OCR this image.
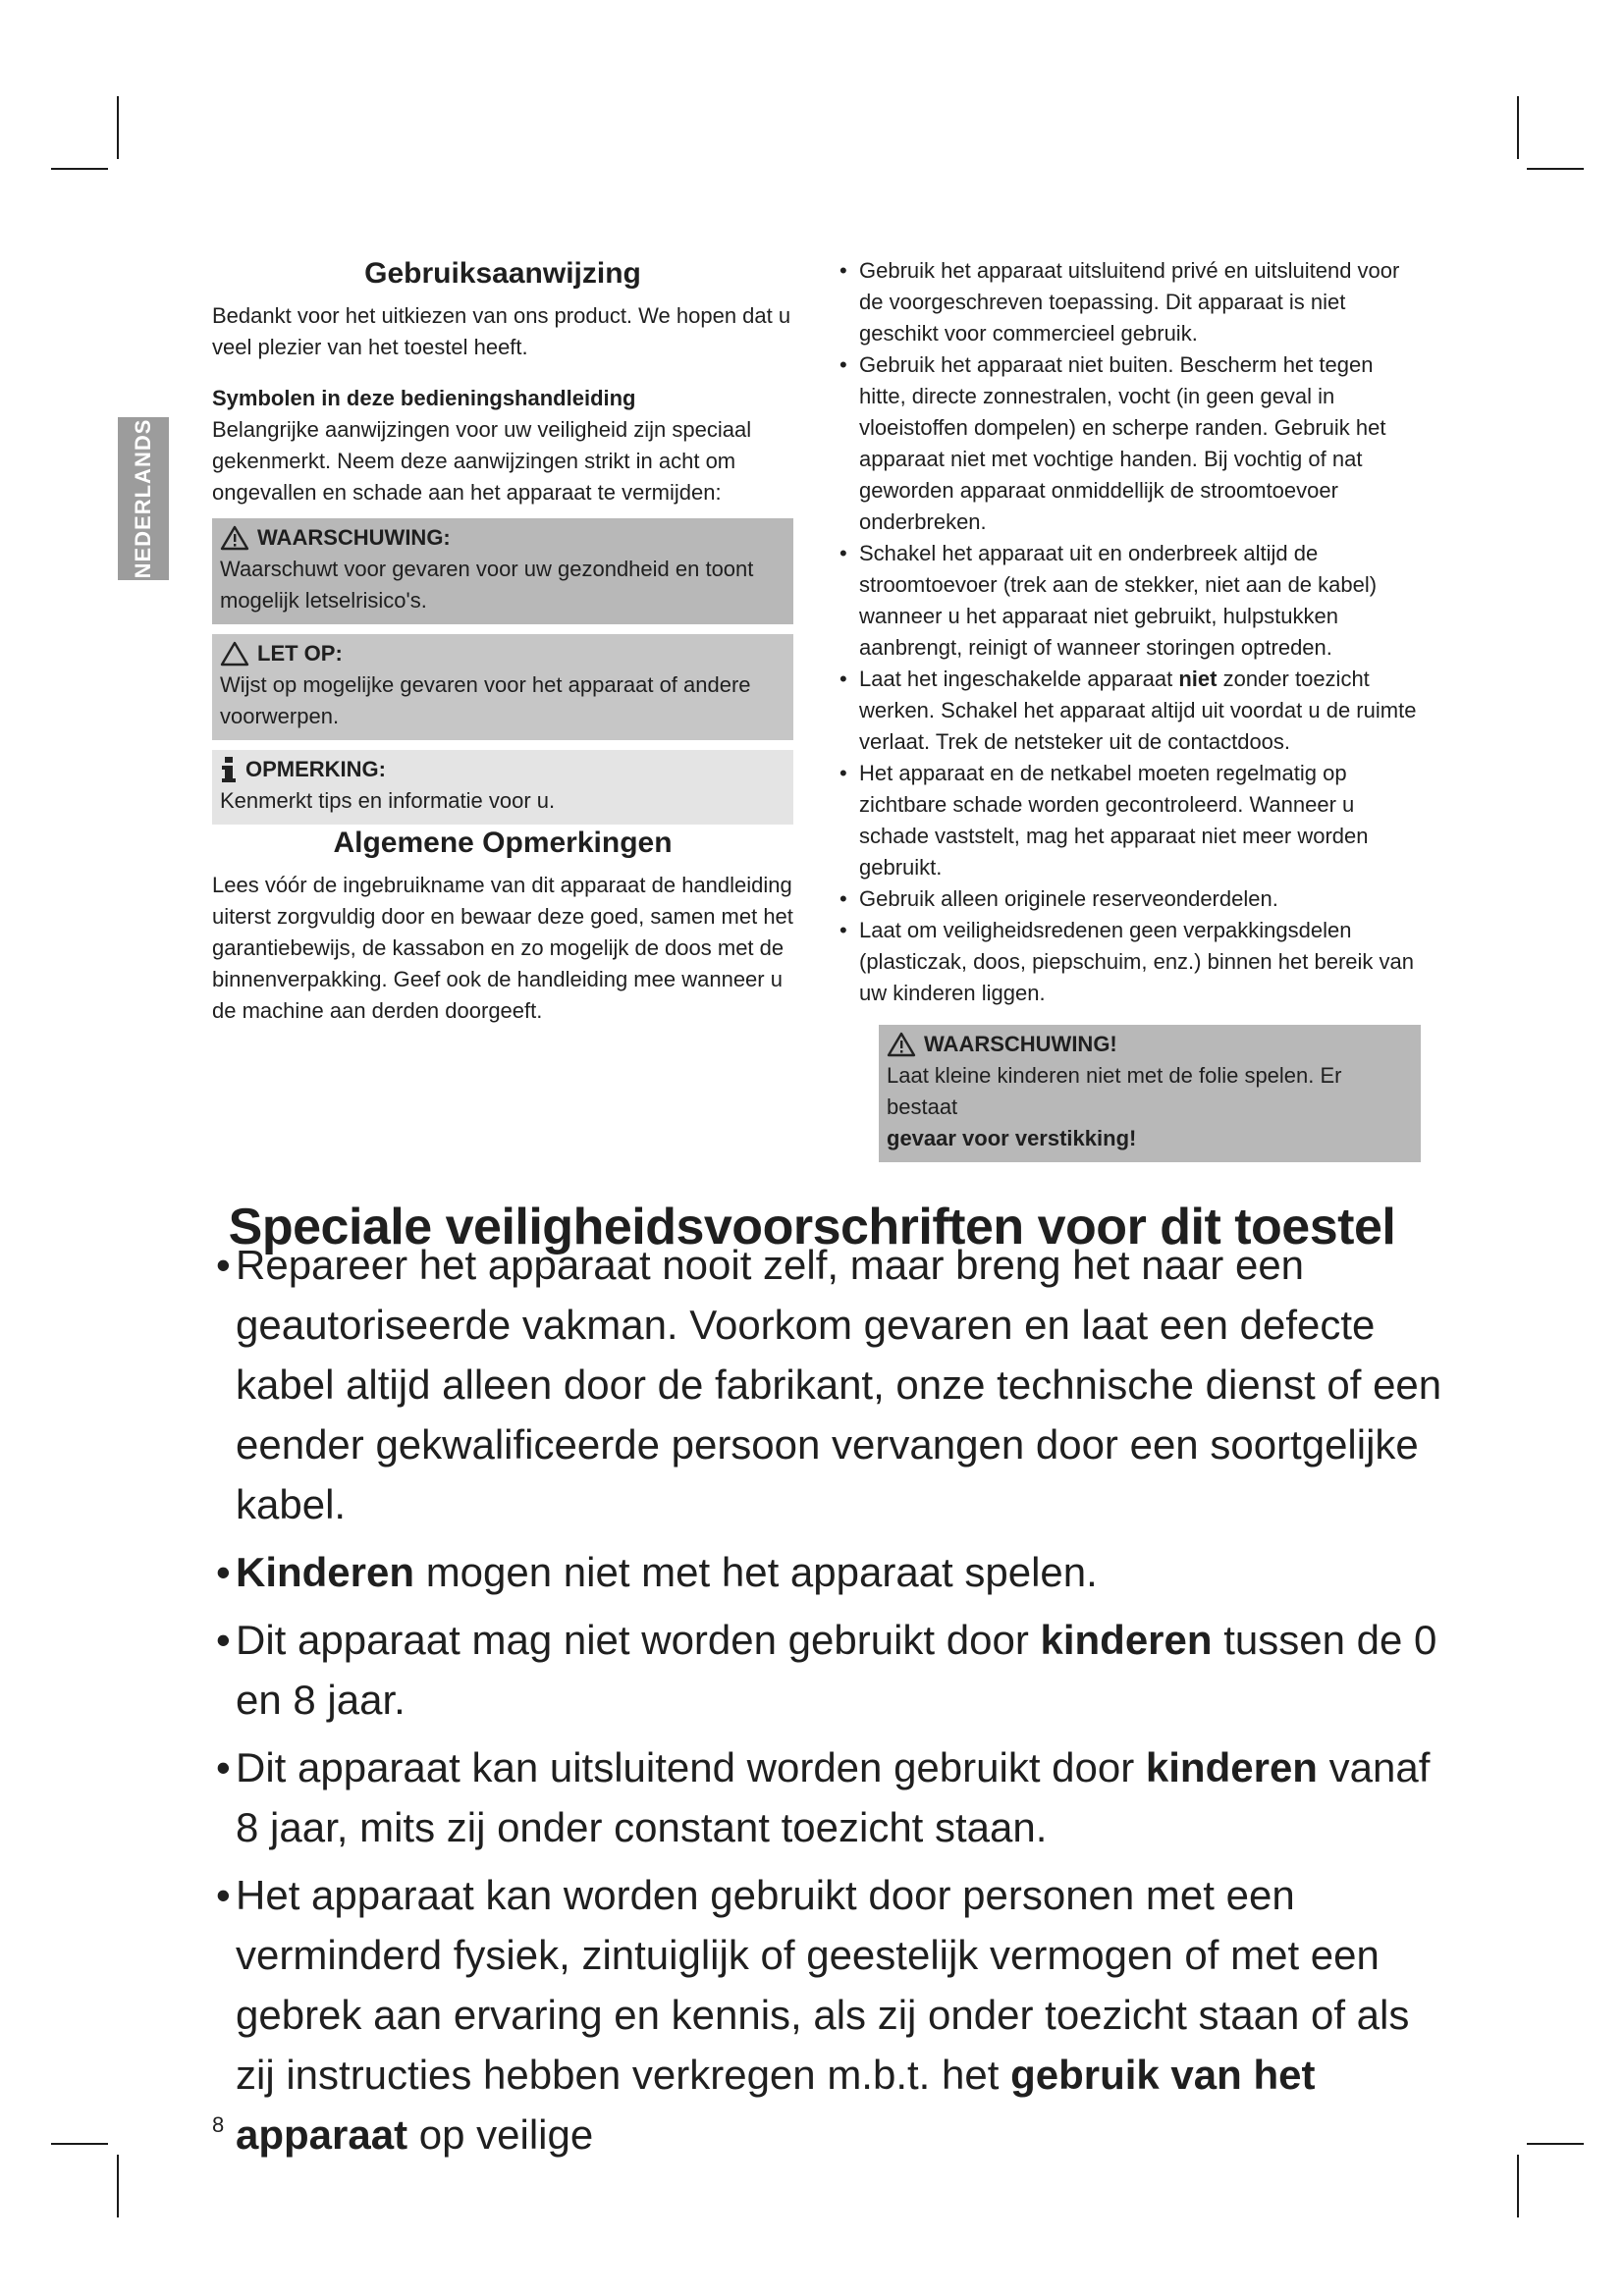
NEDERLANDS
Gebruiksaanwijzing

Bedankt voor het uitkiezen van ons product. We hopen dat u veel plezier van het toestel heeft.

Symbolen in deze bedieningshandleiding

Belangrijke aanwijzingen voor uw veiligheid zijn speciaal gekenmerkt. Neem deze aanwijzingen strikt in acht om ongevallen en schade aan het apparaat te vermijden:

WAARSCHUWING:

Waarschuwt voor gevaren voor uw gezondheid en toont mogelijk letselrisico's.

LET OP:

Wijst op mogelijke gevaren voor het apparaat of andere voorwerpen.

OPMERKING:

Kenmerkt tips en informatie voor u.

Algemene Opmerkingen

Lees vóór de ingebruikname van dit apparaat de handleiding uiterst zorgvuldig door en bewaar deze goed, samen met het garantiebewijs, de kassabon en zo mogelijk de doos met de binnenverpakking. Geef ook de handleiding mee wanneer u de machine aan derden doorgeeft.

• Gebruik het apparaat uitsluitend privé en uitsluitend voor de voorgeschreven toepassing. Dit apparaat is niet geschikt voor commercieel gebruik.
• Gebruik het apparaat niet buiten. Bescherm het tegen hitte, directe zonnestralen, vocht (in geen geval in vloeistoffen dompelen) en scherpe randen. Gebruik het apparaat niet met vochtige handen. Bij vochtig of nat geworden apparaat onmiddellijk de stroomtoevoer onderbreken.
• Schakel het apparaat uit en onderbreek altijd de stroomtoevoer (trek aan de stekker, niet aan de kabel) wanneer u het apparaat niet gebruikt, hulpstukken aanbrengt, reinigt of wanneer storingen optreden.
• Laat het ingeschakelde apparaat niet zonder toezicht werken. Schakel het apparaat altijd uit voordat u de ruimte verlaat. Trek de netsteker uit de contactdoos.
• Het apparaat en de netkabel moeten regelmatig op zichtbare schade worden gecontroleerd. Wanneer u schade vaststelt, mag het apparaat niet meer worden gebruikt.
• Gebruik alleen originele reserveonderdelen.
• Laat om veiligheidsredenen geen verpakkingsdelen (plasticzak, doos, piepschuim, enz.) binnen het bereik van uw kinderen liggen.
WAARSCHUWING!

Laat kleine kinderen niet met de folie spelen. Er bestaat
gevaar voor verstikking!

Speciale veiligheidsvoorschriften voor dit toestel
• Repareer het apparaat nooit zelf, maar breng het naar een geautoriseerde vakman. Voorkom gevaren en laat een defecte kabel altijd alleen door de fabrikant, onze technische dienst of een eender gekwalificeerde persoon vervangen door een soortgelijke kabel.
• Kinderen mogen niet met het apparaat spelen.
• Dit apparaat mag niet worden gebruikt door kinderen tussen de 0 en 8 jaar.
• Dit apparaat kan uitsluitend worden gebruikt door kinderen vanaf 8 jaar, mits zij onder constant toezicht staan.
• Het apparaat kan worden gebruikt door personen met een verminderd fysiek, zintuiglijk of geestelijk vermogen of met een gebrek aan ervaring en kennis, als zij onder toezicht staan of als zij instructies hebben verkregen m.b.t. het gebruik van het apparaat op veilige
8
